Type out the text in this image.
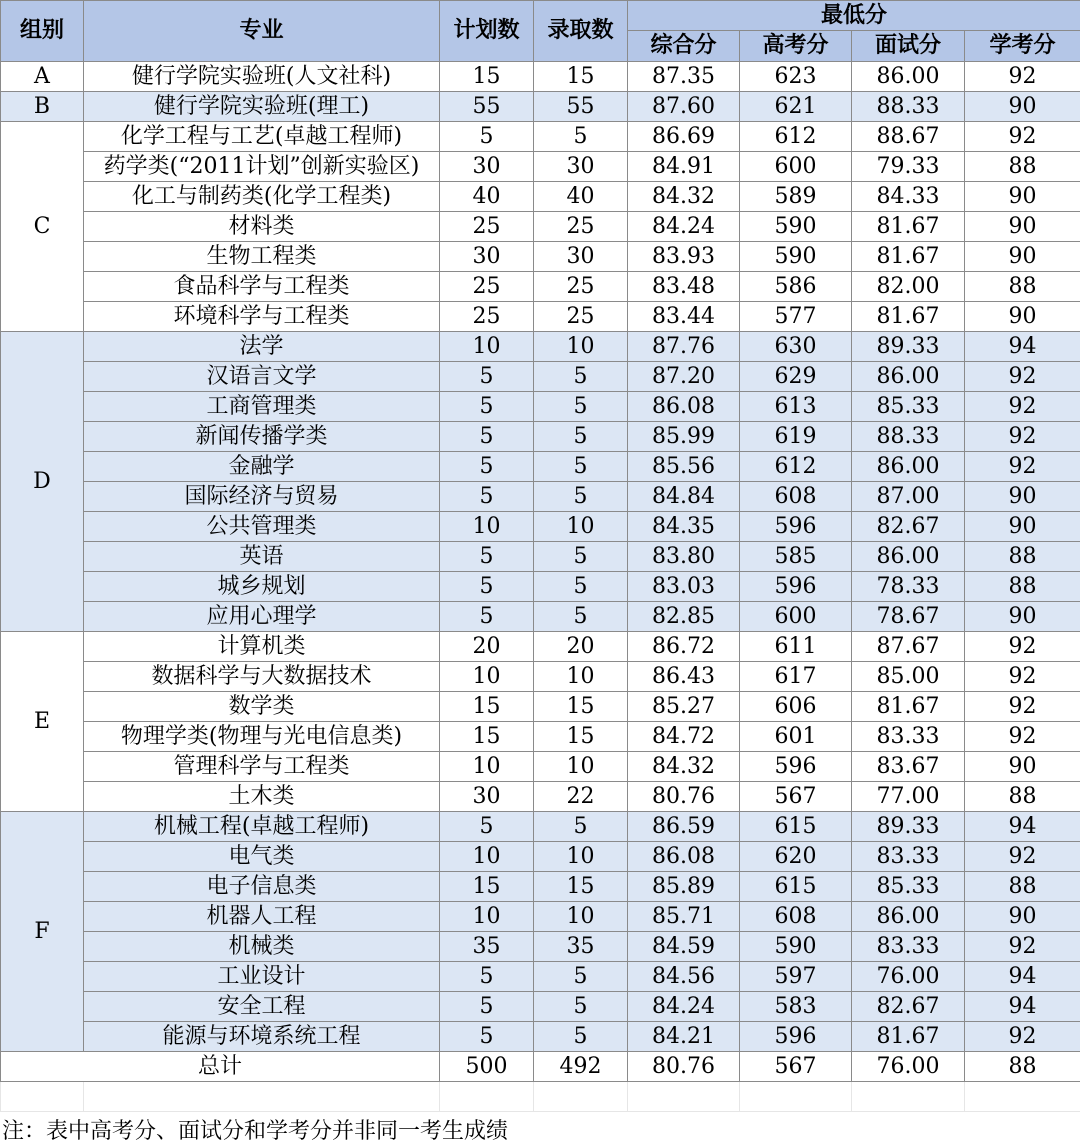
组别	专业	计划数	录取数	最低分			
				综合分	高考分	面试分	学考分
A	健行学院实验班(人文社科)	15	15	87.35	623	86.00	92
B	健行学院实验班(理工)	55	55	87.60	621	88.33	90
C	化学工程与工艺(卓越工程师)	5	5	86.69	612	88.67	92
	药学类(“2011计划”创新实验区)	30	30	84.91	600	79.33	88
	化工与制药类(化学工程类)	40	40	84.32	589	84.33	90
	材料类	25	25	84.24	590	81.67	90
	生物工程类	30	30	83.93	590	81.67	90
	食品科学与工程类	25	25	83.48	586	82.00	88
	环境科学与工程类	25	25	83.44	577	81.67	90
D	法学	10	10	87.76	630	89.33	94
	汉语言文学	5	5	87.20	629	86.00	92
	工商管理类	5	5	86.08	613	85.33	92
	新闻传播学类	5	5	85.99	619	88.33	92
	金融学	5	5	85.56	612	86.00	92
	国际经济与贸易	5	5	84.84	608	87.00	90
	公共管理类	10	10	84.35	596	82.67	90
	英语	5	5	83.80	585	86.00	88
	城乡规划	5	5	83.03	596	78.33	88
	应用心理学	5	5	82.85	600	78.67	90
E	计算机类	20	20	86.72	611	87.67	92
	数据科学与大数据技术	10	10	86.43	617	85.00	92
	数学类	15	15	85.27	606	81.67	92
	物理学类(物理与光电信息类)	15	15	84.72	601	83.33	92
	管理科学与工程类	10	10	84.32	596	83.67	90
	土木类	30	22	80.76	567	77.00	88
F	机械工程(卓越工程师)	5	5	86.59	615	89.33	94
	电气类	10	10	86.08	620	83.33	92
	电子信息类	15	15	85.89	615	85.33	88
	机器人工程	10	10	85.71	608	86.00	90
	机械类	35	35	84.59	590	83.33	92
	工业设计	5	5	84.56	597	76.00	94
	安全工程	5	5	84.24	583	82.67	94
	能源与环境系统工程	5	5	84.21	596	81.67	92
总计		500	492	80.76	567	76.00	88

注：表中高考分、面试分和学考分并非同一考生成绩
